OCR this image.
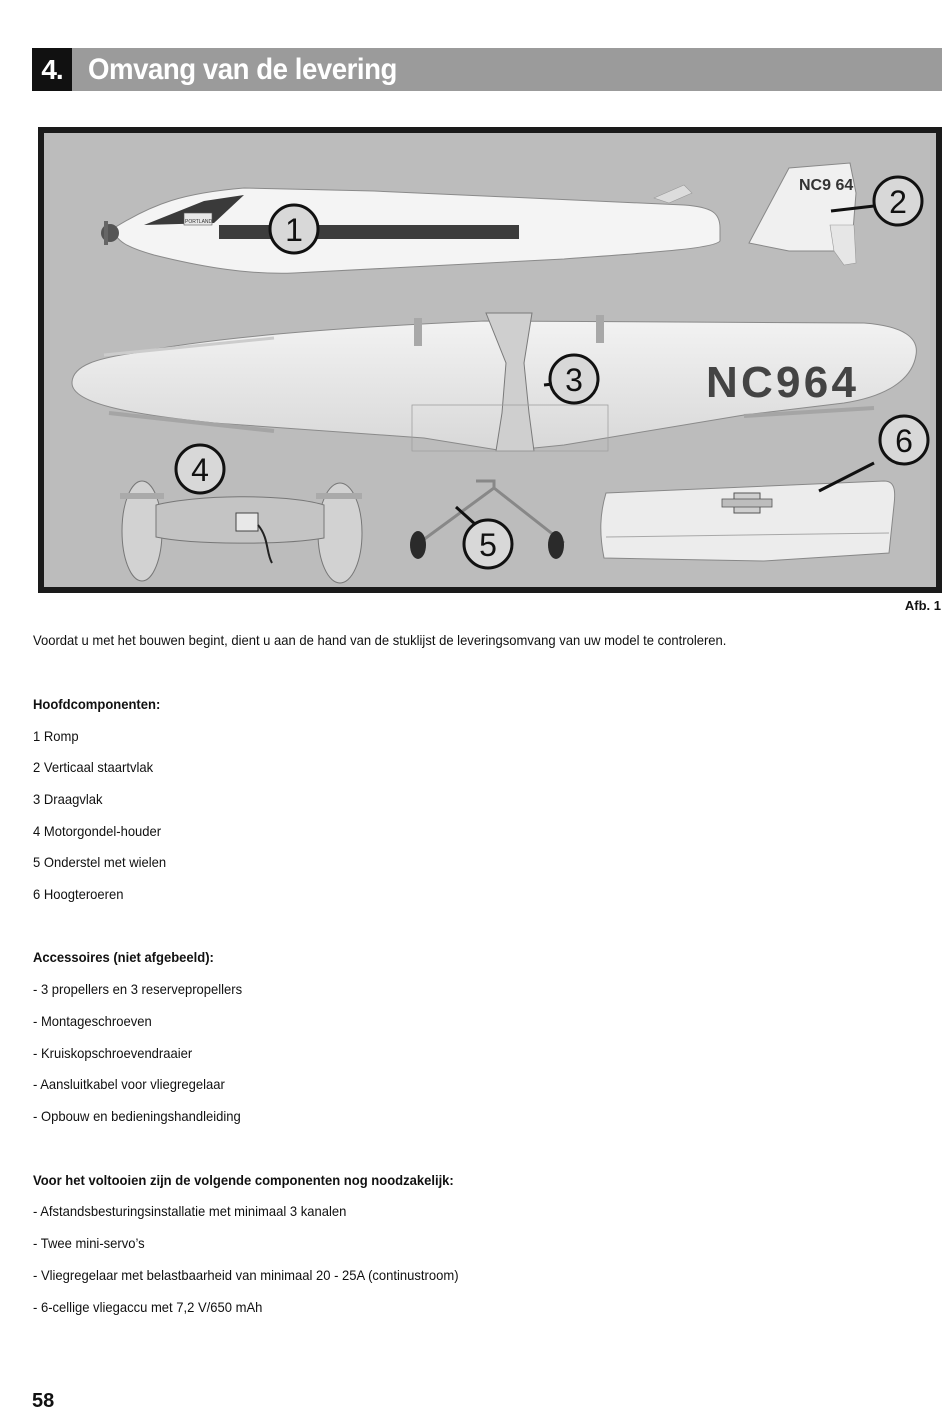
4. Omvang van de levering
PORTLAND
NC9 64
NC964
1
2
3
4
5
6
Afb. 1
Voordat u met het bouwen begint, dient u aan de hand van de stuklijst de leveringsomvang van uw model te controleren.
Hoofdcomponenten:
1 Romp
2 Verticaal staartvlak
3 Draagvlak
4 Motorgondel-houder
5 Onderstel met wielen
6 Hoogteroeren
Accessoires (niet afgebeeld):
- 3 propellers en 3 reservepropellers
- Montageschroeven
- Kruiskopschroevendraaier
- Aansluitkabel voor vliegregelaar
- Opbouw en bedieningshandleiding
Voor het voltooien zijn de volgende componenten nog noodzakelijk:
- Afstandsbesturingsinstallatie met minimaal 3 kanalen
- Twee mini-servo’s
- Vliegregelaar met belastbaarheid van minimaal 20 - 25A (continustroom)
- 6-cellige vliegaccu met 7,2 V/650 mAh
58
